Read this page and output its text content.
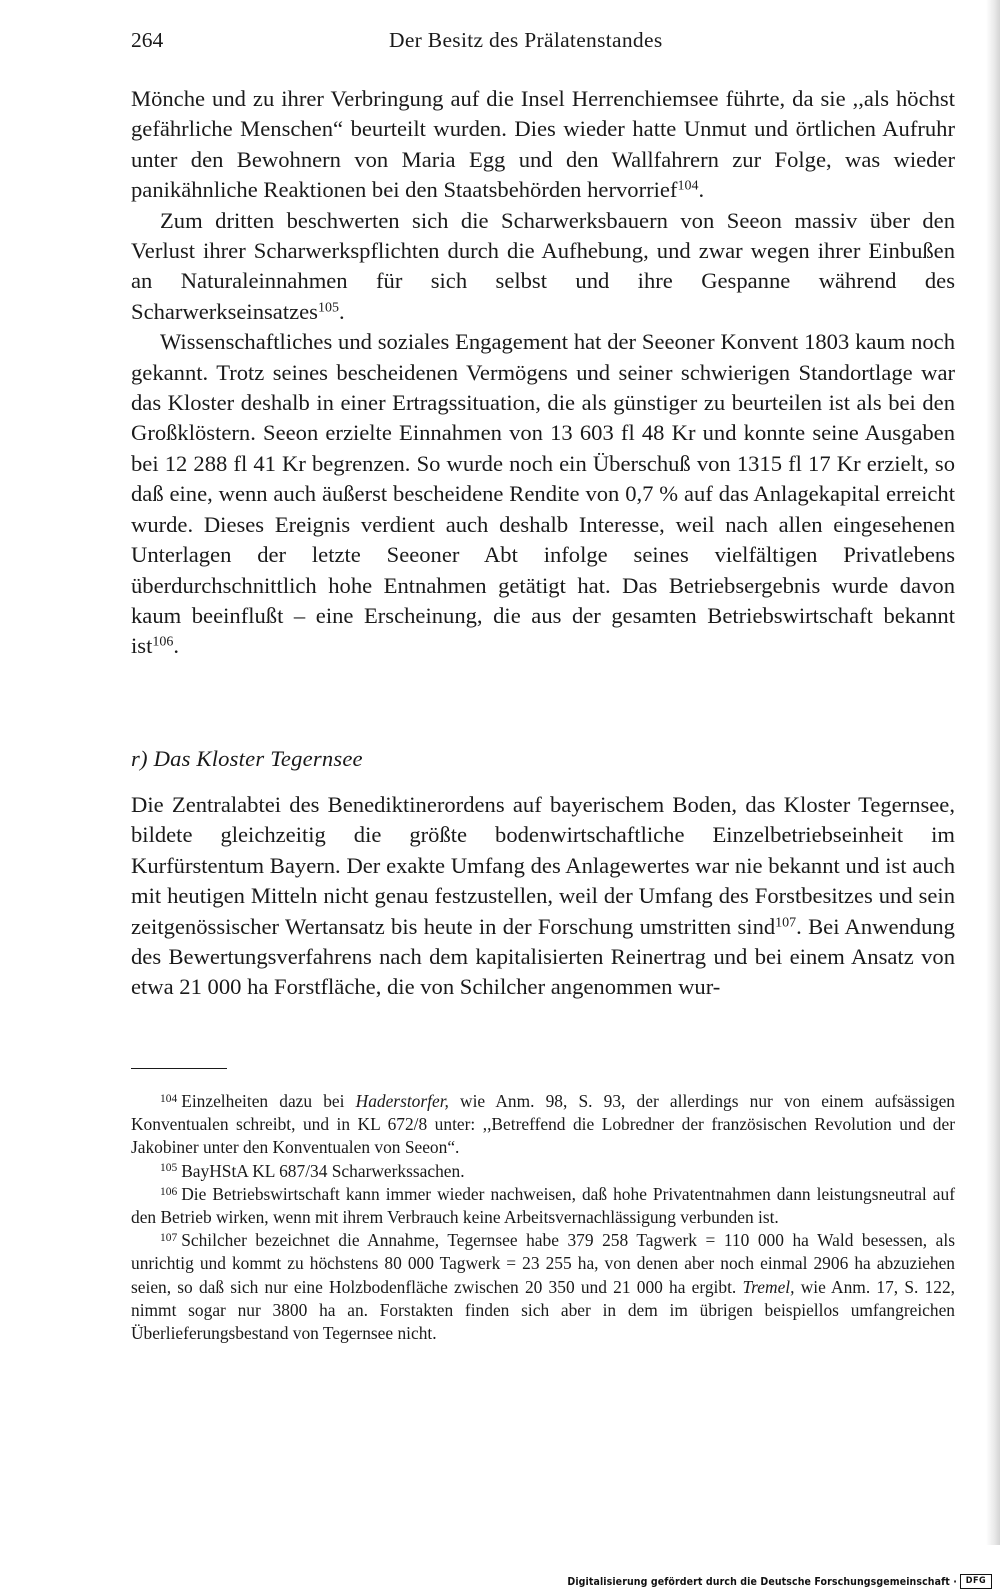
264	Der Besitz des Prälatenstandes

Mönche und zu ihrer Verbringung auf die Insel Herrenchiemsee führte, da sie ,,als höchst gefährliche Menschen“ beurteilt wurden. Dies wieder hatte Unmut und örtlichen Aufruhr unter den Bewohnern von Maria Egg und den Wallfahrern zur Folge, was wieder panikähnliche Reaktionen bei den Staatsbehörden hervorrief$^{104}$.

Zum dritten beschwerten sich die Scharwerksbauern von Seeon massiv über den Verlust ihrer Scharwerkspflichten durch die Aufhebung, und zwar wegen ihrer Einbußen an Naturaleinnahmen für sich selbst und ihre Gespanne während des Scharwerkseinsatzes$^{105}$.

Wissenschaftliches und soziales Engagement hat der Seeoner Konvent 1803 kaum noch gekannt. Trotz seines bescheidenen Vermögens und seiner schwierigen Standortlage war das Kloster deshalb in einer Ertragssituation, die als günstiger zu beurteilen ist als bei den Großklöstern. Seeon erzielte Einnahmen von 13 603 fl 48 Kr und konnte seine Ausgaben bei 12 288 fl 41 Kr begrenzen. So wurde noch ein Überschuß von 1315 fl 17 Kr erzielt, so daß eine, wenn auch äußerst bescheidene Rendite von 0,7 % auf das Anlagekapital erreicht wurde. Dieses Ereignis verdient auch deshalb Interesse, weil nach allen eingesehenen Unterlagen der letzte Seeoner Abt infolge seines vielfältigen Privatlebens überdurchschnittlich hohe Entnahmen getätigt hat. Das Betriebsergebnis wurde davon kaum beeinflußt – eine Erscheinung, die aus der gesamten Betriebswirtschaft bekannt ist$^{106}$.

r) Das Kloster Tegernsee

Die Zentralabtei des Benediktinerordens auf bayerischem Boden, das Kloster Tegernsee, bildete gleichzeitig die größte bodenwirtschaftliche Einzelbetriebseinheit im Kurfürstentum Bayern. Der exakte Umfang des Anlagewertes war nie bekannt und ist auch mit heutigen Mitteln nicht genau festzustellen, weil der Umfang des Forstbesitzes und sein zeitgenössischer Wertansatz bis heute in der Forschung umstritten sind$^{107}$. Bei Anwendung des Bewertungsverfahrens nach dem kapitalisierten Reinertrag und bei einem Ansatz von etwa 21 000 ha Forstfläche, die von Schilcher angenommen wur-

$^{104}$ Einzelheiten dazu bei Haderstorfer, wie Anm. 98, S. 93, der allerdings nur von einem aufsässigen Konventualen schreibt, und in KL 672/8 unter: ,,Betreffend die Lobredner der französischen Revolution und der Jakobiner unter den Konventualen von Seeon“.

$^{105}$ BayHStA KL 687/34 Scharwerkssachen.

$^{106}$ Die Betriebswirtschaft kann immer wieder nachweisen, daß hohe Privatentnahmen dann leistungsneutral auf den Betrieb wirken, wenn mit ihrem Verbrauch keine Arbeitsvernachlässigung verbunden ist.

$^{107}$ Schilcher bezeichnet die Annahme, Tegernsee habe 379 258 Tagwerk = 110 000 ha Wald besessen, als unrichtig und kommt zu höchstens 80 000 Tagwerk = 23 255 ha, von denen aber noch einmal 2906 ha abzuziehen seien, so daß sich nur eine Holzbodenfläche zwischen 20 350 und 21 000 ha ergibt. Tremel, wie Anm. 17, S. 122, nimmt sogar nur 3800 ha an. Forstakten finden sich aber in dem im übrigen beispiellos umfangreichen Überlieferungsbestand von Tegernsee nicht.

Digitalisierung gefördert durch die Deutsche Forschungsgemeinschaft · DFG
